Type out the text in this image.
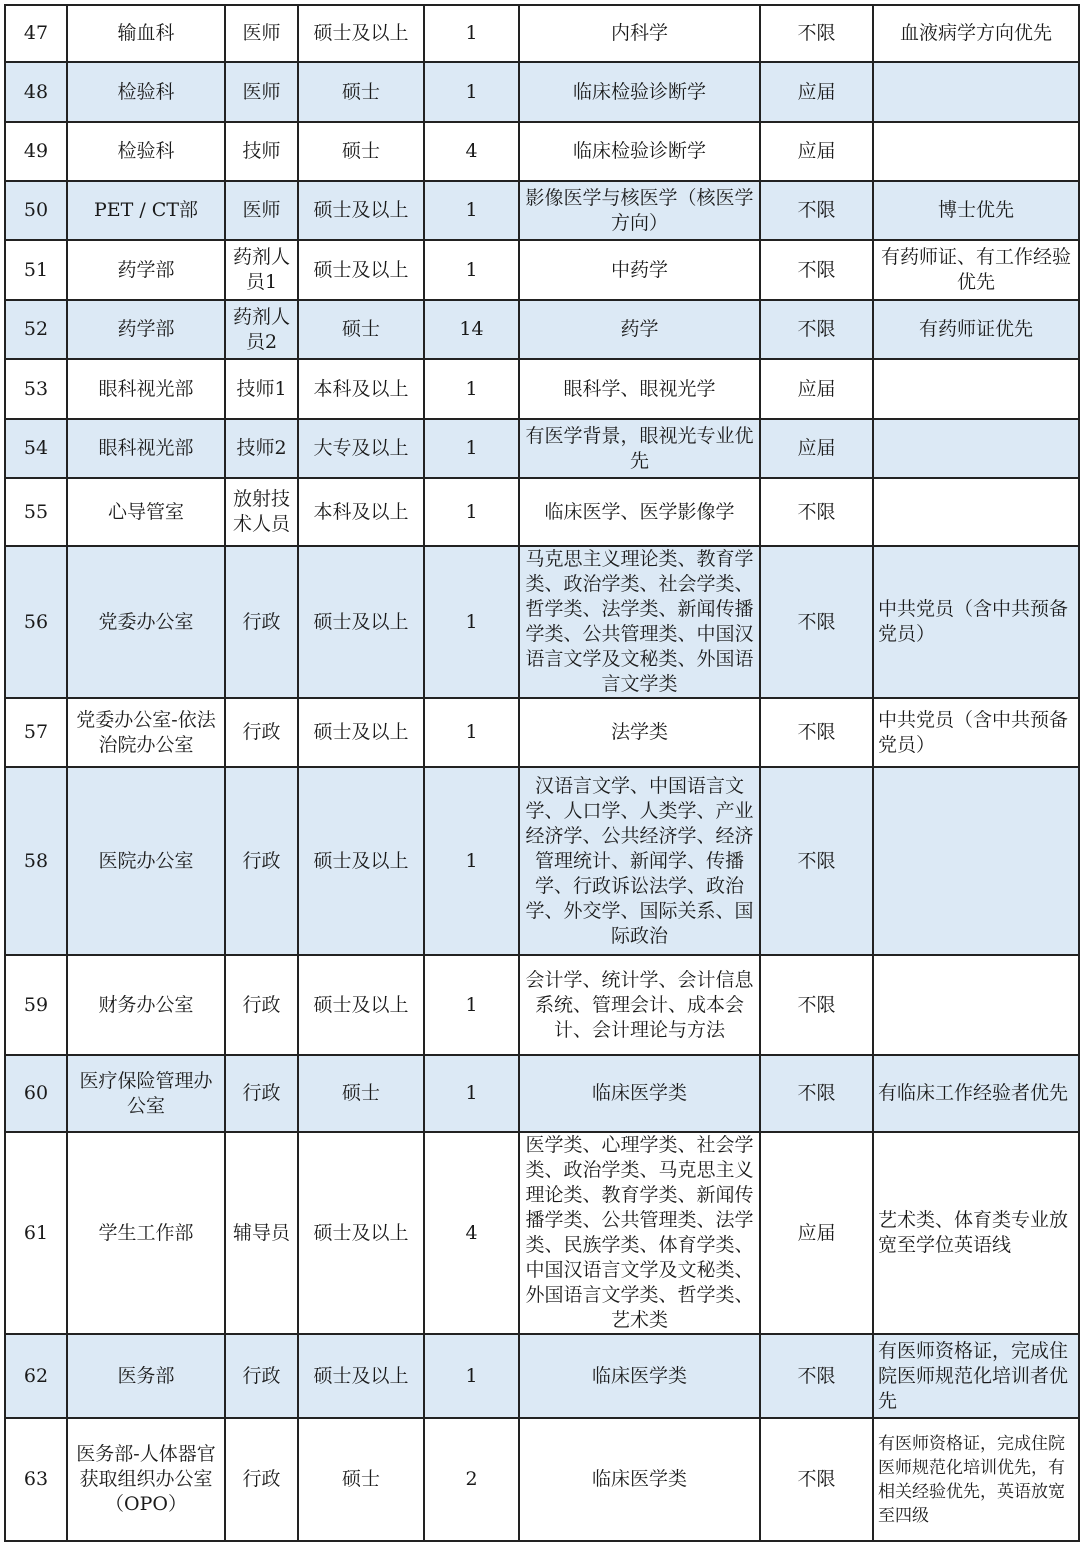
47	输血科	医师	硕士及以上	1	内科学	不限	血液病学方向优先
48	检验科	医师	硕士	1	临床检验诊断学	应届	
49	检验科	技师	硕士	4	临床检验诊断学	应届	
50	PET / CT部	医师	硕士及以上	1	影像医学与核医学（核医学方向）	不限	博士优先
51	药学部	药剂人员1	硕士及以上	1	中药学	不限	有药师证、有工作经验优先
52	药学部	药剂人员2	硕士	14	药学	不限	有药师证优先
53	眼科视光部	技师1	本科及以上	1	眼科学、眼视光学	应届	
54	眼科视光部	技师2	大专及以上	1	有医学背景，眼视光专业优先	应届	
55	心导管室	放射技术人员	本科及以上	1	临床医学、医学影像学	不限	
56	党委办公室	行政	硕士及以上	1	马克思主义理论类、教育学类、政治学类、社会学类、哲学类、法学类、新闻传播学类、公共管理类、中国汉语言文学及文秘类、外国语言文学类	不限	中共党员（含中共预备党员）
57	党委办公室-依法治院办公室	行政	硕士及以上	1	法学类	不限	中共党员（含中共预备党员）
58	医院办公室	行政	硕士及以上	1	汉语言文学、中国语言文学、人口学、人类学、产业经济学、公共经济学、经济管理统计、新闻学、传播学、行政诉讼法学、政治学、外交学、国际关系、国际政治	不限	
59	财务办公室	行政	硕士及以上	1	会计学、统计学、会计信息系统、管理会计、成本会计、会计理论与方法	不限	
60	医疗保险管理办公室	行政	硕士	1	临床医学类	不限	有临床工作经验者优先
61	学生工作部	辅导员	硕士及以上	4	医学类、心理学类、社会学类、政治学类、马克思主义理论类、教育学类、新闻传播学类、公共管理类、法学类、民族学类、体育学类、中国汉语言文学及文秘类、外国语言文学类、哲学类、艺术类	应届	艺术类、体育类专业放宽至学位英语线
62	医务部	行政	硕士及以上	1	临床医学类	不限	有医师资格证，完成住院医师规范化培训者优先
63	医务部-人体器官获取组织办公室（OPO）	行政	硕士	2	临床医学类	不限	有医师资格证，完成住院医师规范化培训优先，有相关经验优先，英语放宽至四级
